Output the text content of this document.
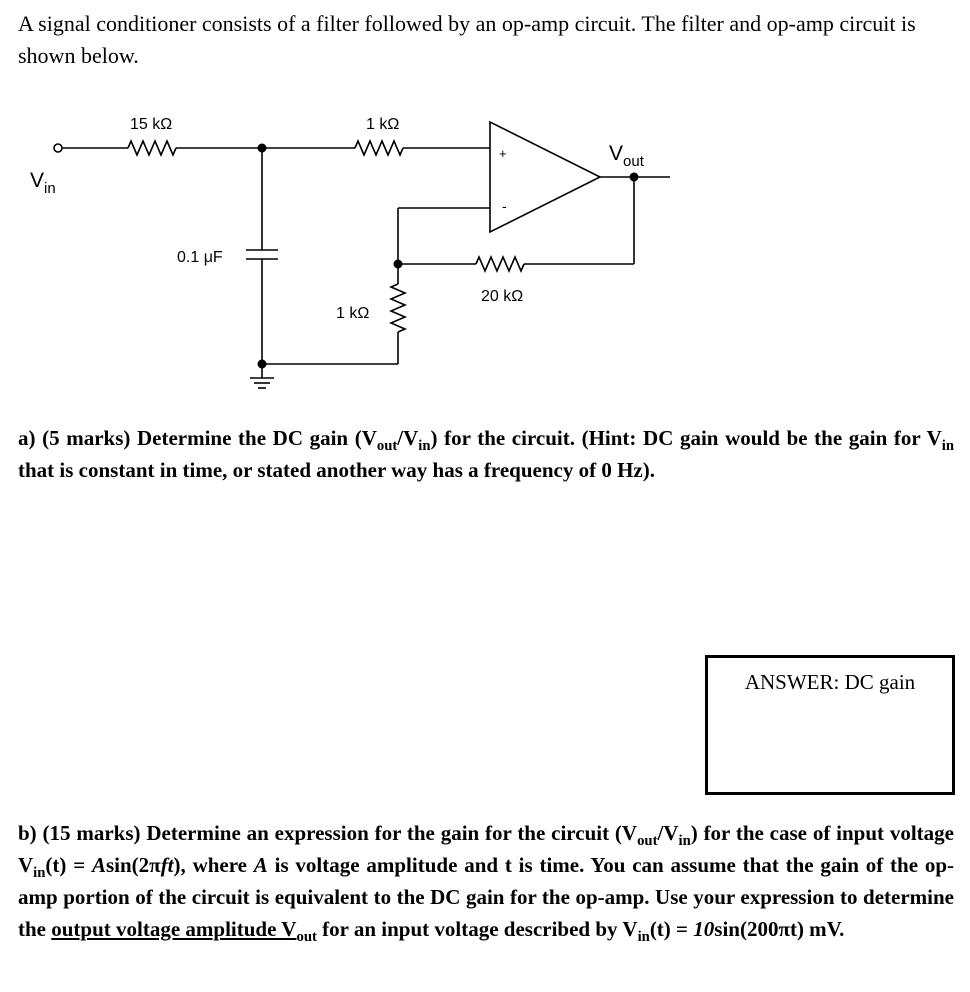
A signal conditioner consists of a filter followed by an op-amp circuit. The filter and op-amp circuit is shown below.
15 kΩ	1 kΩ
0.1 μF
1 kΩ
20 kΩ
+
-
$V_{in}$
$V_{out}$
a) (5 marks) Determine the DC gain $(V_{out}/V_{in})$ for the circuit. (Hint: DC gain would be the gain for $V_{in}$ that is constant in time, or stated another way has a frequency of 0 Hz).
ANSWER: DC gain
b) (15 marks) Determine an expression for the gain for the circuit $(V_{out}/V_{in})$ for the case of input voltage $V_{in}(t) = Asin(2\pi ft)$, where A is voltage amplitude and t is time. You can assume that the gain of the op-amp portion of the circuit is equivalent to the DC gain for the op-amp. Use your expression to determine the output voltage amplitude $V_{out}$ for an input voltage described by $V_{in}(t) = 10\sin(200\pi t)$ mV.
